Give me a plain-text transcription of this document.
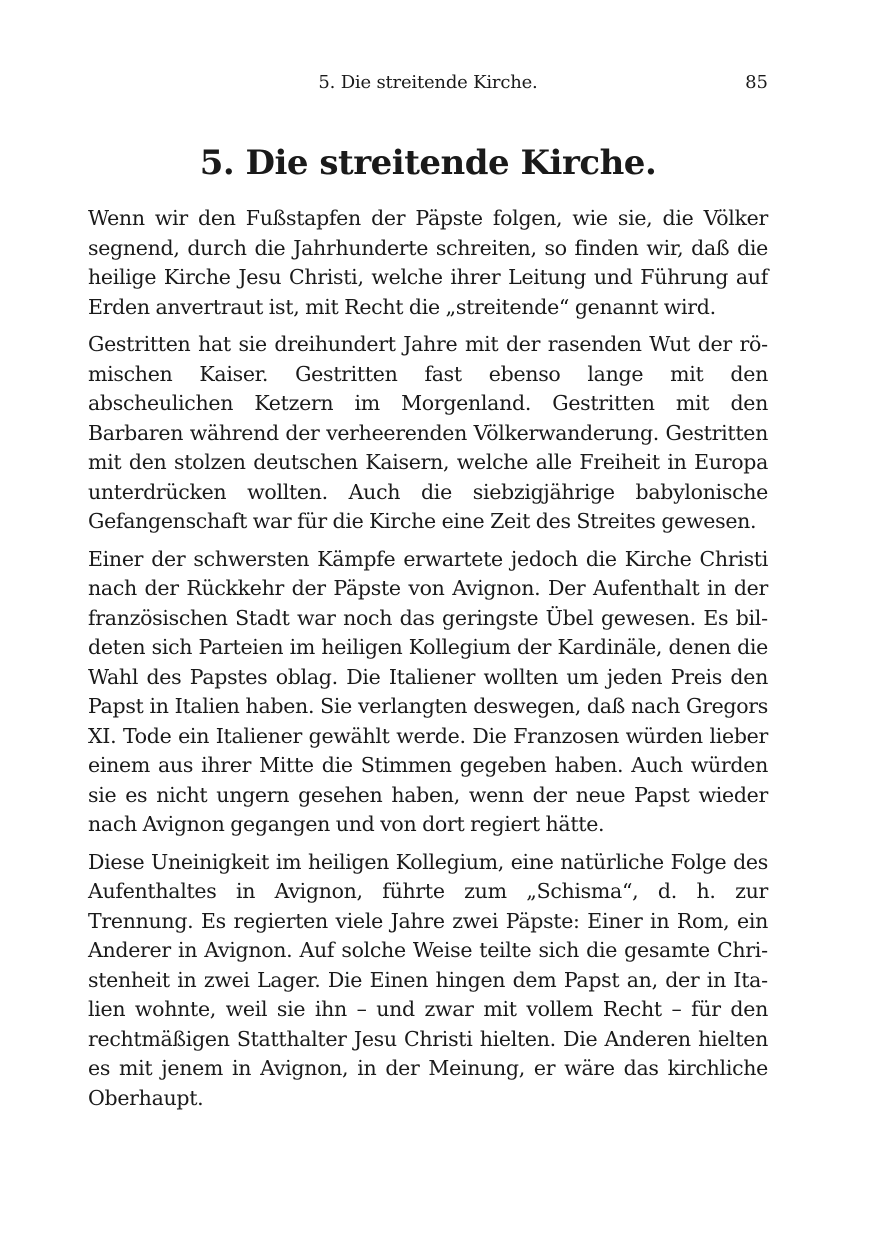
5. Die streitende Kirche.	85
5. Die streitende Kirche.

Wenn wir den Fußstapfen der Päpste folgen, wie sie, die Völker segnend, durch die Jahrhunderte schreiten, so finden wir, daß die heilige Kirche Jesu Christi, welche ihrer Leitung und Führung auf Erden anvertraut ist, mit Recht die „streitende“ genannt wird.

Gestritten hat sie dreihundert Jahre mit der rasenden Wut der römischen Kaiser. Gestritten fast ebenso lange mit den abscheulichen Ketzern im Morgenland. Gestritten mit den Barbaren während der verheerenden Völkerwanderung. Gestritten mit den stolzen deutschen Kaisern, welche alle Freiheit in Europa unterdrücken wollten. Auch die siebzigjährige babylonische Gefangenschaft war für die Kirche eine Zeit des Streites gewesen.

Einer der schwersten Kämpfe erwartete jedoch die Kirche Christi nach der Rückkehr der Päpste von Avignon. Der Aufenthalt in der französischen Stadt war noch das geringste Übel gewesen. Es bildeten sich Parteien im heiligen Kollegium der Kardinäle, denen die Wahl des Papstes oblag. Die Italiener wollten um jeden Preis den Papst in Italien haben. Sie verlangten deswegen, daß nach Gregors XI. Tode ein Italiener gewählt werde. Die Franzosen würden lieber einem aus ihrer Mitte die Stimmen gegeben haben. Auch würden sie es nicht ungern gesehen haben, wenn der neue Papst wieder nach Avignon gegangen und von dort regiert hätte.

Diese Uneinigkeit im heiligen Kollegium, eine natürliche Folge des Aufenthaltes in Avignon, führte zum „Schisma“, d. h. zur Trennung. Es regierten viele Jahre zwei Päpste: Einer in Rom, ein Anderer in Avignon. Auf solche Weise teilte sich die gesamte Christenheit in zwei Lager. Die Einen hingen dem Papst an, der in Italien wohnte, weil sie ihn – und zwar mit vollem Recht – für den rechtmäßigen Statthalter Jesu Christi hielten. Die Anderen hielten es mit jenem in Avignon, in der Meinung, er wäre das kirchliche Oberhaupt.
